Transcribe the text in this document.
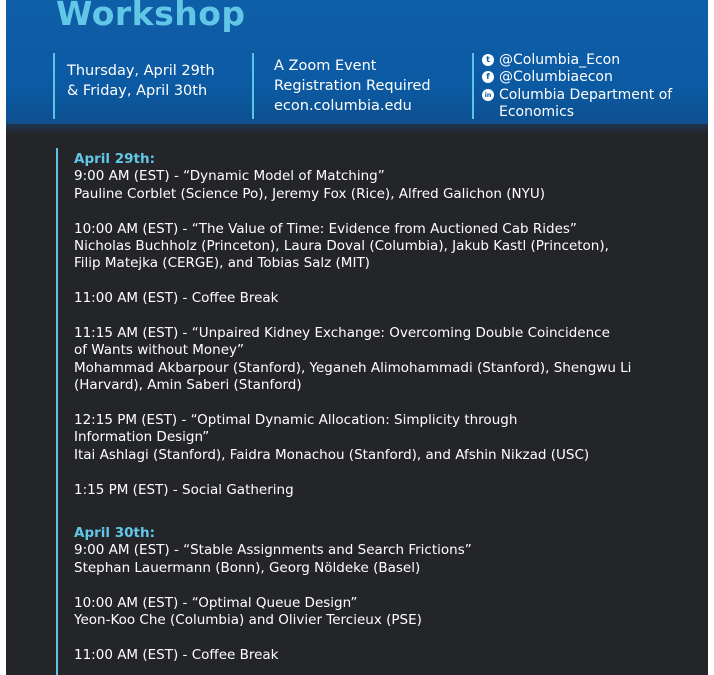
Workshop
Thursday, April 29th
& Friday, April 30th
A Zoom Event
Registration Required
econ.columbia.edu
t @Columbia_Econ
f @Columbiaecon
in Columbia Department of
Economics
April 29th:
9:00 AM (EST) - “Dynamic Model of Matching”
Pauline Corblet (Science Po), Jeremy Fox (Rice), Alfred Galichon (NYU)
10:00 AM (EST) - “The Value of Time: Evidence from Auctioned Cab Rides”
Nicholas Buchholz (Princeton), Laura Doval (Columbia), Jakub Kastl (Princeton),
Filip Matejka (CERGE), and Tobias Salz (MIT)
11:00 AM (EST) - Coffee Break
11:15 AM (EST) - “Unpaired Kidney Exchange: Overcoming Double Coincidence
of Wants without Money”
Mohammad Akbarpour (Stanford), Yeganeh Alimohammadi (Stanford), Shengwu Li
(Harvard), Amin Saberi (Stanford)
12:15 PM (EST) - “Optimal Dynamic Allocation: Simplicity through
Information Design”
Itai Ashlagi (Stanford), Faidra Monachou (Stanford), and Afshin Nikzad (USC)
1:15 PM (EST) - Social Gathering
April 30th:
9:00 AM (EST) - “Stable Assignments and Search Frictions”
Stephan Lauermann (Bonn), Georg Nöldeke (Basel)
10:00 AM (EST) - “Optimal Queue Design”
Yeon-Koo Che (Columbia) and Olivier Tercieux (PSE)
11:00 AM (EST) - Coffee Break
